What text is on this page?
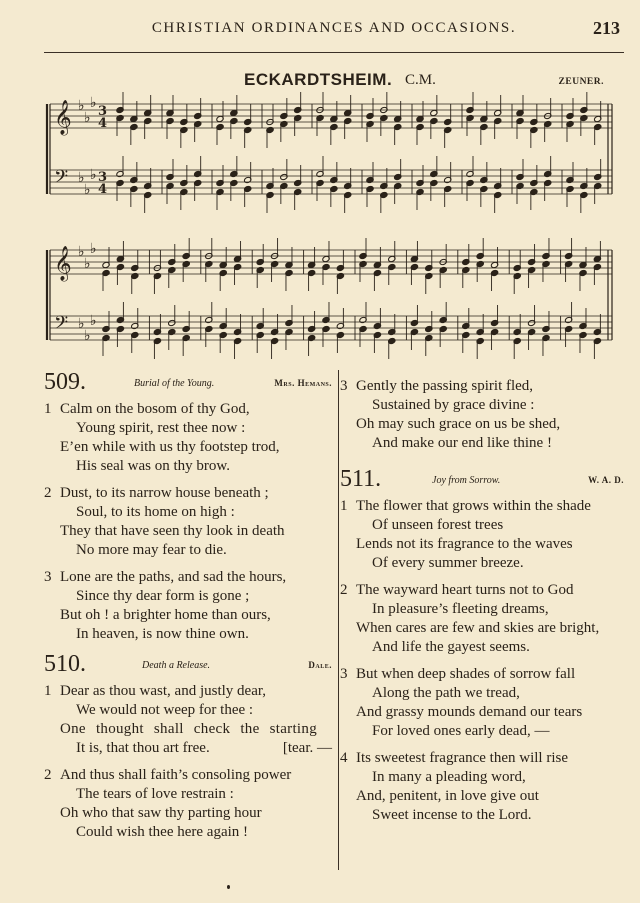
CHRISTIAN ORDINANCES AND OCCASIONS.	213
ECKARDTSHEIM. C.M.	ZEUNER.
𝄞
𝄢
♭
♭
♭
♭
♭
♭
3
4
3
4
𝄞
𝄢
♭
♭
♭
♭
♭
♭
509.	Burial of the Young.	Mrs. Hemans.
1 Calm on the bosom of thy God,
Young spirit, rest thee now :
E’en while with us thy footstep trod,
His seal was on thy brow.
2 Dust, to its narrow house beneath ;
Soul, to its home on high :
They that have seen thy look in death
No more may fear to die.
3 Lone are the paths, and sad the hours,
Since thy dear form is gone ;
But oh ! a brighter home than ours,
In heaven, is now thine own.
510.	Death a Release.	Dale.
1 Dear as thou wast, and justly dear,
We would not weep for thee :
One thought shall check the starting
It is, that thou art free.	[tear. —
2 And thus shall faith’s consoling power
The tears of love restrain :
Oh who that saw thy parting hour
Could wish thee here again !
3 Gently the passing spirit fled,
Sustained by grace divine :
Oh may such grace on us be shed,
And make our end like thine !
511.	Joy from Sorrow.	W. A. D.
1 The flower that grows within the shade
Of unseen forest trees
Lends not its fragrance to the waves
Of every summer breeze.
2 The wayward heart turns not to God
In pleasure’s fleeting dreams,
When cares are few and skies are bright,
And life the gayest seems.
3 But when deep shades of sorrow fall
Along the path we tread,
And grassy mounds demand our tears
For loved ones early dead, —
4 Its sweetest fragrance then will rise
In many a pleading word,
And, penitent, in love give out
Sweet incense to the Lord.
